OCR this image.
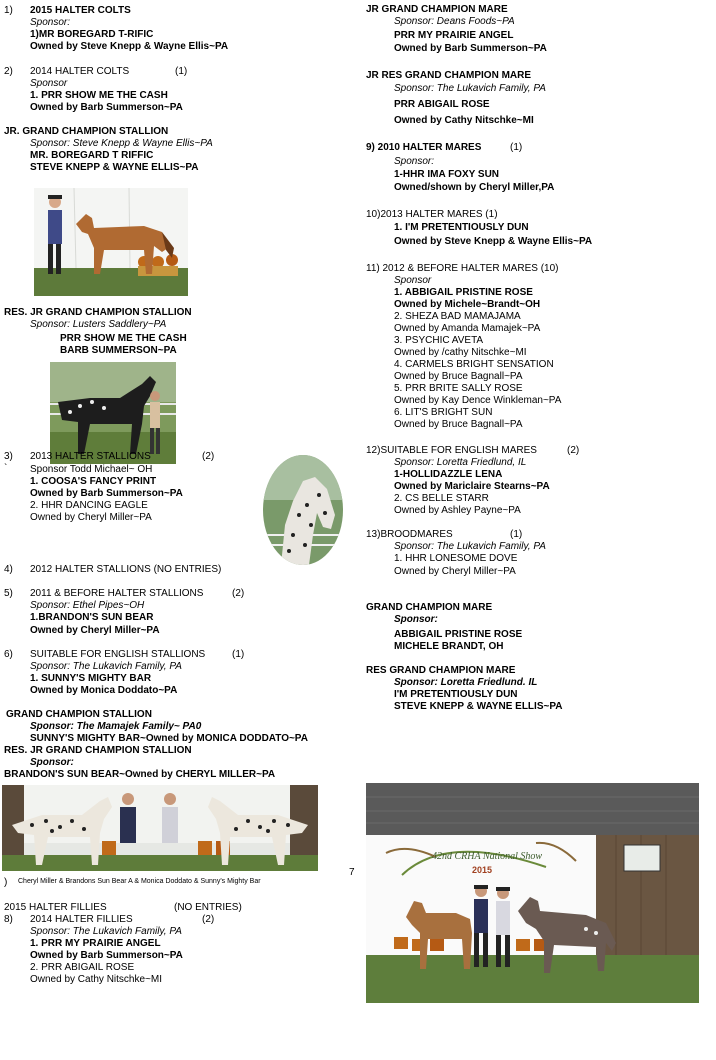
1) 2015 HALTER COLTS
Sponsor:
1)MR BOREGARD T-RIFIC
Owned by Steve Knepp & Wayne Ellis~PA
2) 2014 HALTER COLTS	(1)
Sponsor
1. PRR SHOW ME THE CASH
Owned by Barb Summerson~PA
JR. GRAND CHAMPION STALLION
Sponsor: Steve Knepp & Wayne Ellis~PA
MR. BOREGARD T RIFFIC
STEVE KNEPP & WAYNE ELLIS~PA
RES. JR GRAND CHAMPION STALLION
Sponsor: Lusters Saddlery~PA
PRR SHOW ME THE CASH
BARB SUMMERSON~PA
3) 2013 HALTER STALLIONS	(2)
` Sponsor Todd Michael~ OH
1. COOSA'S FANCY PRINT
Owned by Barb Summerson~PA
2. HHR DANCING EAGLE
Owned by Cheryl Miller~PA
4) 2012 HALTER STALLIONS (NO ENTRIES)
5) 2011 & BEFORE HALTER STALLIONS	(2)
Sponsor: Ethel Pipes~OH
1.BRANDON'S SUN BEAR
Owned by Cheryl Miller~PA
6) SUITABLE FOR ENGLISH STALLIONS	(1)
Sponsor: The Lukavich Family, PA
1. SUNNY'S MIGHTY BAR
Owned by Monica Doddato~PA
GRAND CHAMPION STALLION
Sponsor: The Mamajek Family~ PA0
SUNNY'S MIGHTY BAR~Owned by MONICA DODDATO~PA
RES. JR GRAND CHAMPION STALLION
Sponsor:
BRANDON'S SUN BEAR~Owned by CHERYL MILLER~PA
) Cheryl Miller & Brandons Sun Bear A & Monica Doddato & Sunny's Mighty Bar
2015 HALTER FILLIES	(NO ENTRIES)
8) 2014 HALTER FILLIES	(2)
Sponsor: The Lukavich Family, PA
1. PRR MY PRAIRIE ANGEL
Owned by Barb Summerson~PA
2. PRR ABIGAIL ROSE
Owned by Cathy Nitschke~MI
JR GRAND CHAMPION MARE
Sponsor: Deans Foods~PA
PRR MY PRAIRIE ANGEL
Owned by Barb Summerson~PA
JR RES GRAND CHAMPION MARE
Sponsor: The Lukavich Family, PA
PRR ABIGAIL ROSE
Owned by Cathy Nitschke~MI
9) 2010 HALTER MARES	(1)
Sponsor:
1-HHR IMA FOXY SUN
Owned/shown by Cheryl Miller,PA
10)2013 HALTER MARES (1)
1. I'M PRETENTIOUSLY DUN
Owned by Steve Knepp & Wayne Ellis~PA
11) 2012 & BEFORE HALTER MARES (10)
Sponsor
1. ABBIGAIL PRISTINE ROSE
Owned by Michele~Brandt~OH
2. SHEZA BAD MAMAJAMA
Owned by Amanda Mamajek~PA
3. PSYCHIC AVETA
Owned by /cathy Nitschke~MI
4. CARMELS BRIGHT SENSATION
Owned by Bruce Bagnall~PA
5. PRR BRITE SALLY ROSE
Owned by Kay Dence Winkleman~PA
6. LIT'S BRIGHT SUN
Owned by Bruce Bagnall~PA
12)SUITABLE FOR ENGLISH MARES	(2)
Sponsor: Loretta Friedlund, IL
1-HOLLIDAZZLE LENA
Owned by Mariclaire Stearns~PA
2. CS BELLE STARR
Owned by Ashley Payne~PA
13)BROODMARES	(1)
Sponsor: The Lukavich Family, PA
1. HHR LONESOME DOVE
Owned by Cheryl Miller~PA
GRAND CHAMPION MARE
Sponsor:
ABBIGAIL PRISTINE ROSE
MICHELE BRANDT, OH
RES GRAND CHAMPION MARE
Sponsor: Loretta Friedlund. IL
I'M PRETENTIOUSLY DUN
STEVE KNEPP & WAYNE ELLIS~PA
7
42nd CRHA National Show
2015
